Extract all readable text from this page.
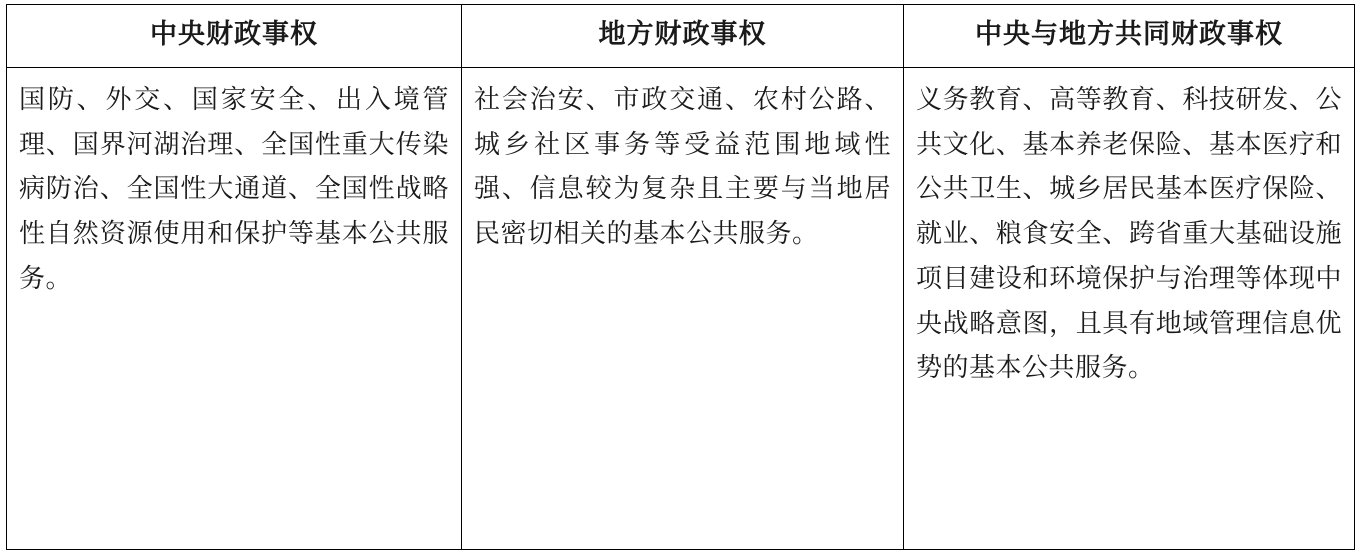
中央财政事权	地方财政事权	中央与地方共同财政事权

国防、外交、国家安全、出入境管理、国界河湖治理、全国性重大传染病防治、全国性大通道、全国性战略性自然资源使用和保护等基本公共服务。	社会治安、市政交通、农村公路、城乡社区事务等受益范围地域性强、信息较为复杂且主要与当地居民密切相关的基本公共服务。	义务教育、高等教育、科技研发、公共文化、基本养老保险、基本医疗和公共卫生、城乡居民基本医疗保险、就业、粮食安全、跨省重大基础设施项目建设和环境保护与治理等体现中央战略意图，且具有地域管理信息优势的基本公共服务。
